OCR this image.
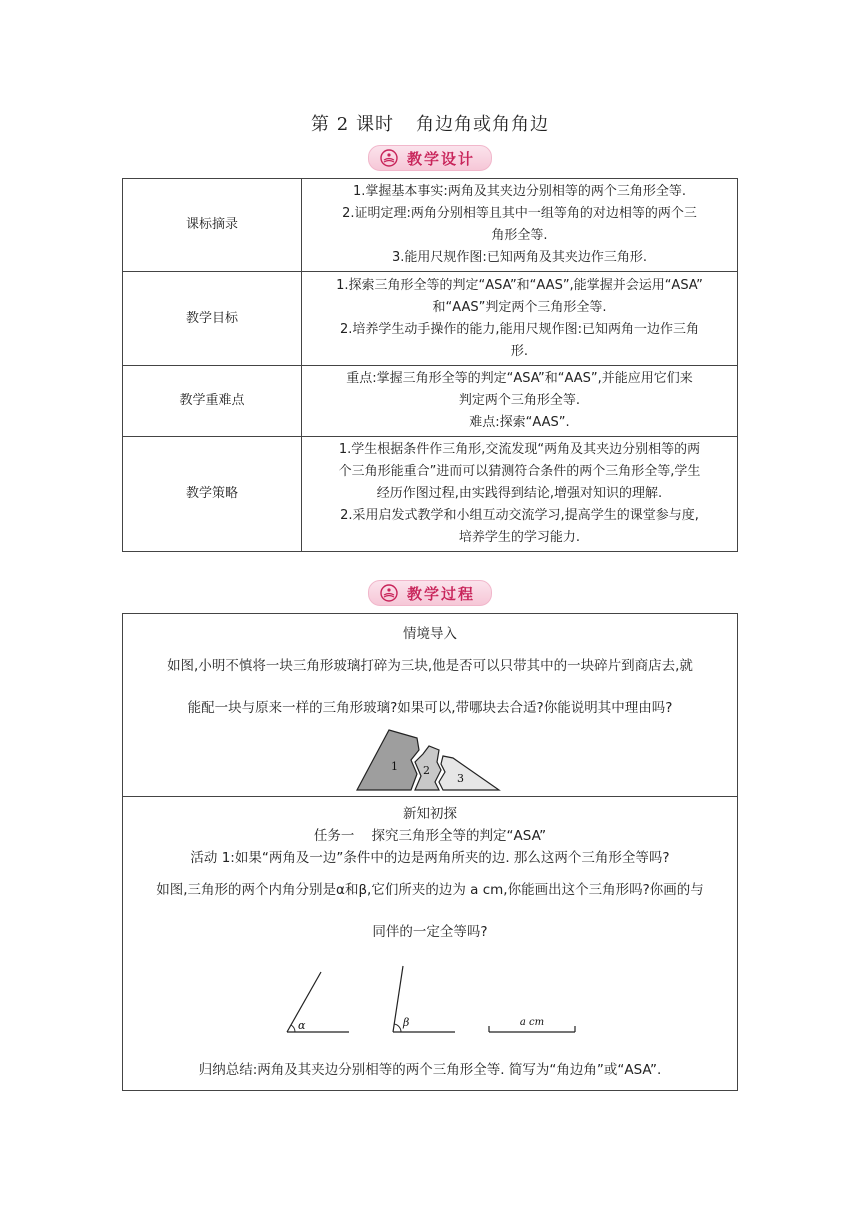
第 2 课时 角边角或角角边
教学设计
课标摘录	1.掌握基本事实:两角及其夹边分别相等的两个三角形全等.

2.证明定理:两角分别相等且其中一组等角的对边相等的两个三

角形全等.

3.能用尺规作图:已知两角及其夹边作三角形.

教学目标	1.探索三角形全等的判定“ASA”和“AAS”,能掌握并会运用“ASA”

和“AAS”判定两个三角形全等.

2.培养学生动手操作的能力,能用尺规作图:已知两角一边作三角

形.

教学重难点	重点:掌握三角形全等的判定“ASA”和“AAS”,并能应用它们来

判定两个三角形全等.

难点:探索“AAS”.

教学策略	1.学生根据条件作三角形,交流发现“两角及其夹边分别相等的两

个三角形能重合”进而可以猜测符合条件的两个三角形全等,学生

经历作图过程,由实践得到结论,增强对知识的理解.

2.采用启发式教学和小组互动交流学习,提高学生的课堂参与度,

培养学生的学习能力.

教学过程
情境导入
如图,小明不慎将一块三角形玻璃打碎为三块,他是否可以只带其中的一块碎片到商店去,就
能配一块与原来一样的三角形玻璃?如果可以,带哪块去合适?你能说明其中理由吗?
1 2
3
新知初探
任务一    探究三角形全等的判定“ASA”
活动 1:如果“两角及一边”条件中的边是两角所夹的边. 那么这两个三角形全等吗?
如图,三角形的两个内角分别是α和β,它们所夹的边为 a cm,你能画出这个三角形吗?你画的与
同伴的一定全等吗?
α	β	a cm
归纳总结:两角及其夹边分别相等的两个三角形全等. 简写为“角边角”或“ASA”.
